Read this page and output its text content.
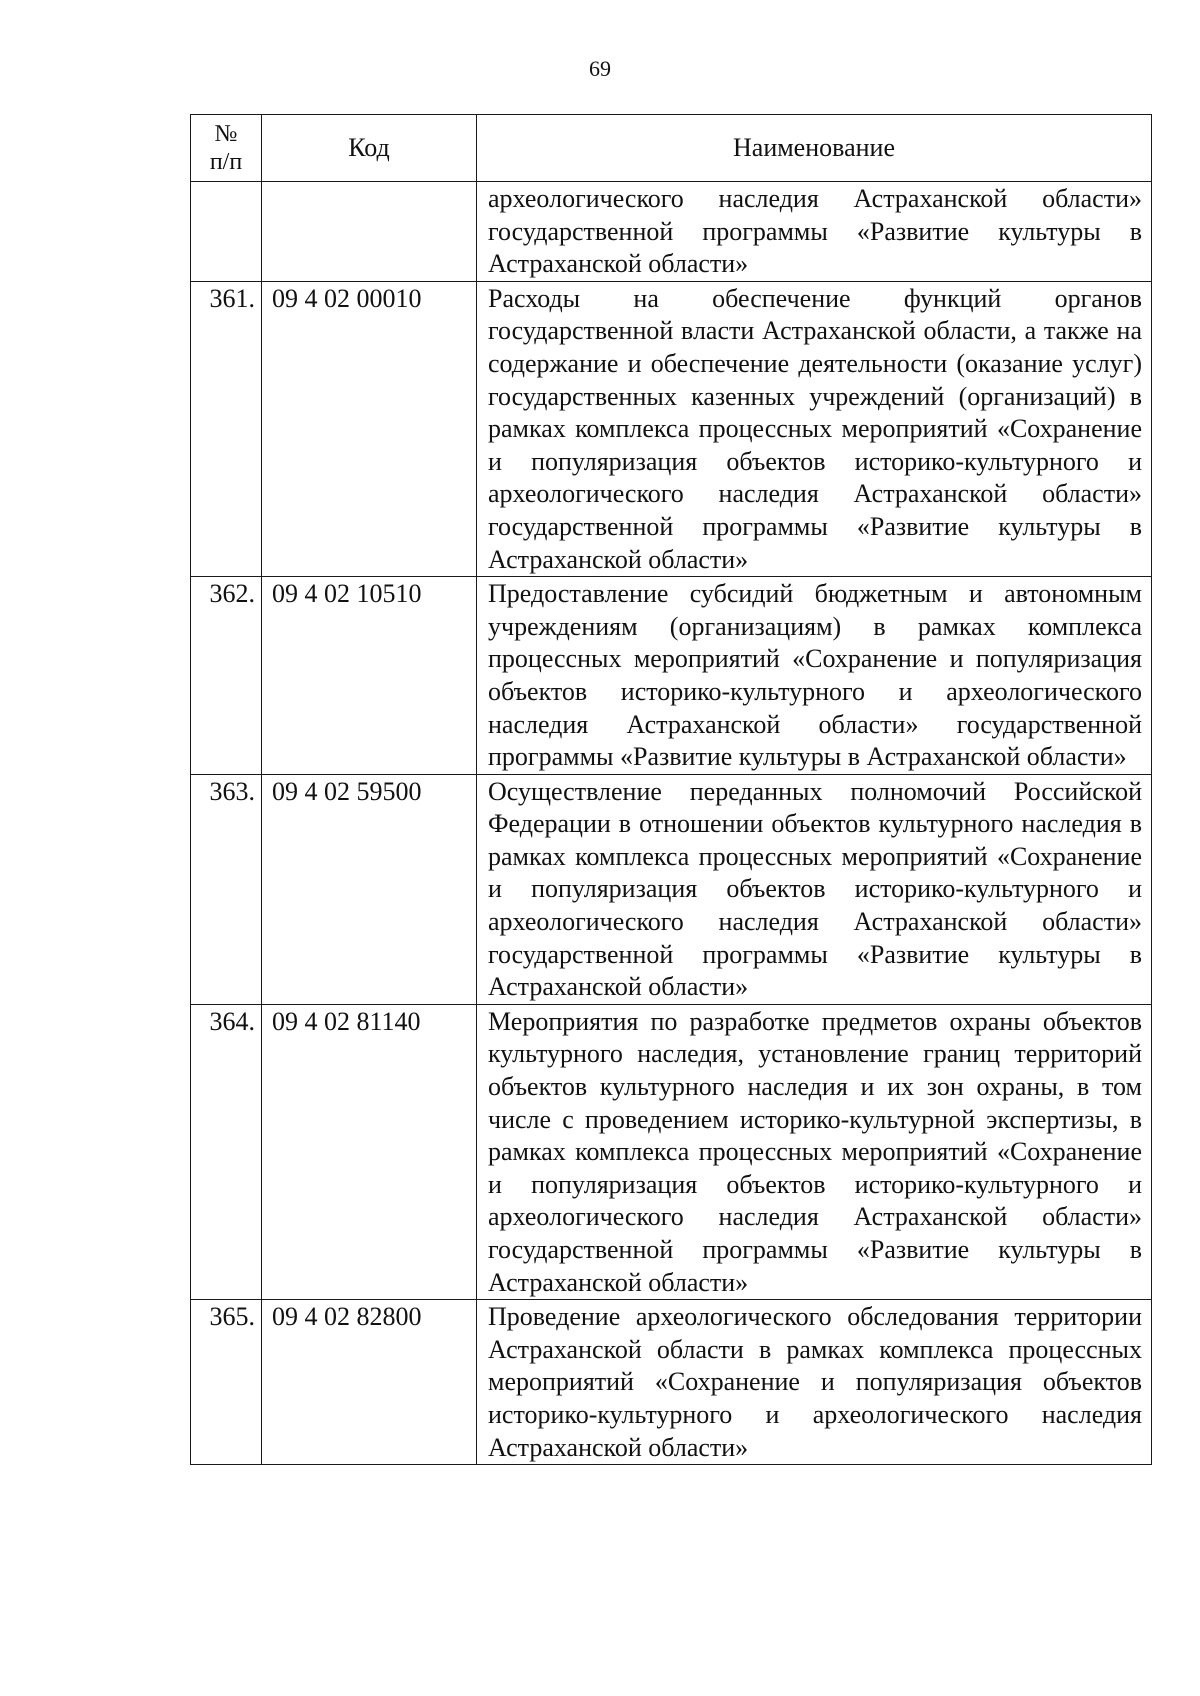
69
№
п/п	Код	Наименование
		археологического наследия Астраханской области» государственной программы «Развитие культуры в Астраханской области»
361.	09 4 02 00010	Расходы на обеспечение функций органов государственной власти Астраханской области, а также на содержание и обеспечение деятельности (оказание услуг) государственных казенных учреждений (организаций) в рамках комплекса процессных мероприятий «Сохранение и популяризация объектов историко-культурного и археологического наследия Астраханской области» государственной программы «Развитие культуры в Астраханской области»
362.	09 4 02 10510	Предоставление субсидий бюджетным и автономным учреждениям (организациям) в рамках комплекса процессных мероприятий «Сохранение и популяризация объектов историко-культурного и археологического наследия Астраханской области» государственной программы «Развитие культуры в Астраханской области»
363.	09 4 02 59500	Осуществление переданных полномочий Российской Федерации в отношении объектов культурного наследия в рамках комплекса процессных мероприятий «Сохранение и популяризация объектов историко-культурного и археологического наследия Астраханской области» государственной программы «Развитие культуры в Астраханской области»
364.	09 4 02 81140	Мероприятия по разработке предметов охраны объектов культурного наследия, установление границ территорий объектов культурного наследия и их зон охраны, в том числе с проведением историко-культурной экспертизы, в рамках комплекса процессных мероприятий «Сохранение и популяризация объектов историко-культурного и археологического наследия Астраханской области» государственной программы «Развитие культуры в Астраханской области»
365.	09 4 02 82800	Проведение археологического обследования территории Астраханской области в рамках комплекса процессных мероприятий «Сохранение и популяризация объектов историко-культурного и археологического наследия Астраханской области»
